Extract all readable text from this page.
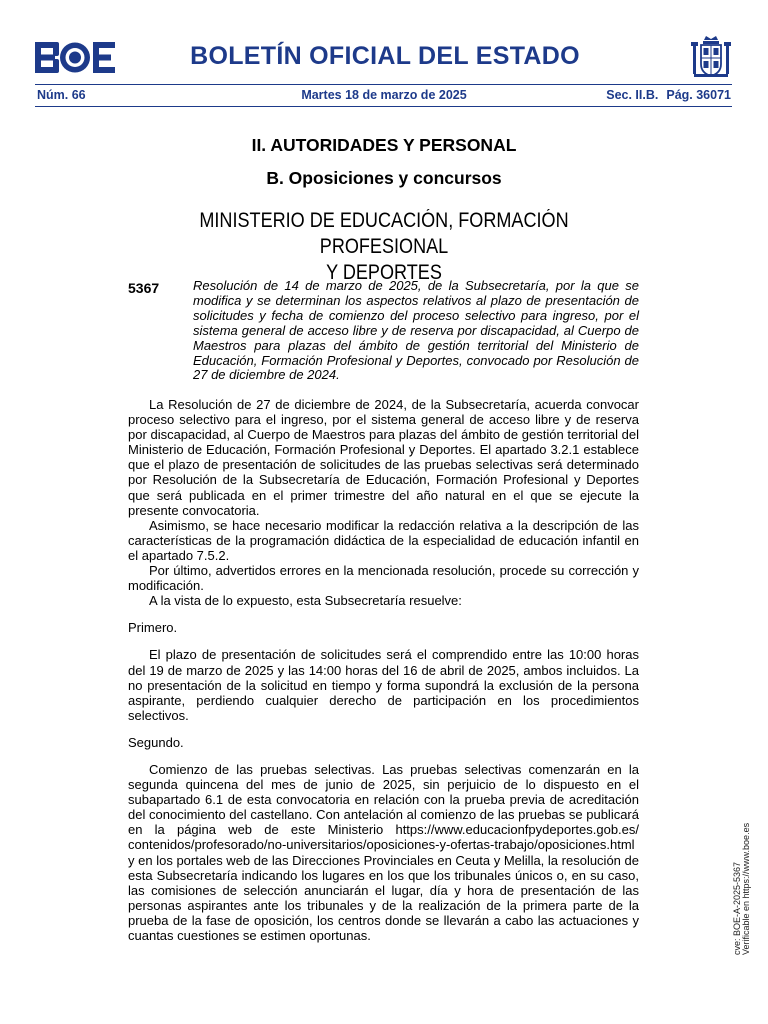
BOLETÍN OFICIAL DEL ESTADO
Núm. 66	Martes 18 de marzo de 2025	Sec. II.B. Pág. 36071
II. AUTORIDADES Y PERSONAL
B. Oposiciones y concursos
MINISTERIO DE EDUCACIÓN, FORMACIÓN PROFESIONAL
Y DEPORTES
5367	Resolución de 14 de marzo de 2025, de la Subsecretaría, por la que se modifica y se determinan los aspectos relativos al plazo de presentación de solicitudes y fecha de comienzo del proceso selectivo para ingreso, por el sistema general de acceso libre y de reserva por discapacidad, al Cuerpo de Maestros para plazas del ámbito de gestión territorial del Ministerio de Educación, Formación Profesional y Deportes, convocado por Resolución de 27 de diciembre de 2024.

La Resolución de 27 de diciembre de 2024, de la Subsecretaría, acuerda convocar proceso selectivo para el ingreso, por el sistema general de acceso libre y de reserva por discapacidad, al Cuerpo de Maestros para plazas del ámbito de gestión territorial del Ministerio de Educación, Formación Profesional y Deportes. El apartado 3.2.1 establece que el plazo de presentación de solicitudes de las pruebas selectivas será determinado por Resolución de la Subsecretaría de Educación, Formación Profesional y Deportes que será publicada en el primer trimestre del año natural en el que se ejecute la presente convocatoria.

Asimismo, se hace necesario modificar la redacción relativa a la descripción de las características de la programación didáctica de la especialidad de educación infantil en el apartado 7.5.2.

Por último, advertidos errores en la mencionada resolución, procede su corrección y modificación.

A la vista de lo expuesto, esta Subsecretaría resuelve:

Primero.

El plazo de presentación de solicitudes será el comprendido entre las 10:00 horas del 19 de marzo de 2025 y las 14:00 horas del 16 de abril de 2025, ambos incluidos. La no presentación de la solicitud en tiempo y forma supondrá la exclusión de la persona aspirante, perdiendo cualquier derecho de participación en los procedimientos selectivos.

Segundo.

Comienzo de las pruebas selectivas. Las pruebas selectivas comenzarán en la segunda quincena del mes de junio de 2025, sin perjuicio de lo dispuesto en el subapartado 6.1 de esta convocatoria en relación con la prueba previa de acreditación del conocimiento del castellano. Con antelación al comienzo de las pruebas se publicará en la página web de este Ministerio https://www.educacionfpydeportes.gob.es/ contenidos/profesorado/no-universitarios/oposiciones-y-ofertas-trabajo/oposiciones.html y en los portales web de las Direcciones Provinciales en Ceuta y Melilla, la resolución de esta Subsecretaría indicando los lugares en los que los tribunales únicos o, en su caso, las comisiones de selección anunciarán el lugar, día y hora de presentación de las personas aspirantes ante los tribunales y de la realización de la primera parte de la prueba de la fase de oposición, los centros donde se llevarán a cabo las actuaciones y cuantas cuestiones se estimen oportunas.	cve: BOE-A-2025-5367 Verificable en https://www.boe.es
